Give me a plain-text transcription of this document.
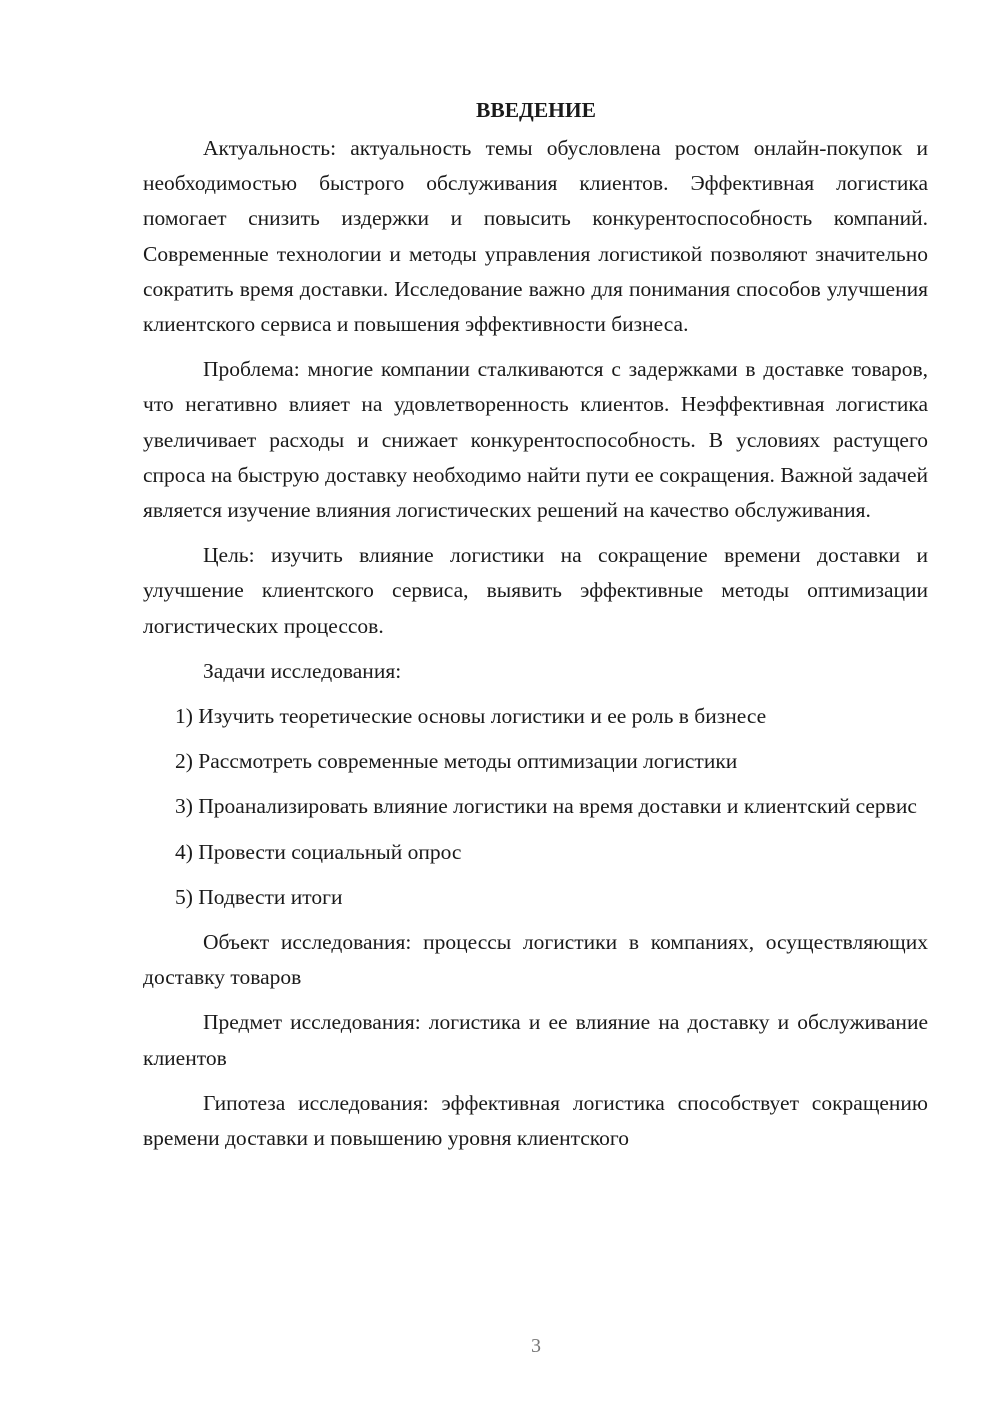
ВВЕДЕНИЕ

Актуальность: актуальность темы обусловлена ростом онлайн-покупок и необходимостью быстрого обслуживания клиентов. Эффективная логистика помогает снизить издержки и повысить конкурентоспособность компаний. Современные технологии и методы управления логистикой позволяют значительно сократить время доставки. Исследование важно для понимания способов улучшения клиентского сервиса и повышения эффективности бизнеса.

Проблема: многие компании сталкиваются с задержками в доставке товаров, что негативно влияет на удовлетворенность клиентов. Неэффективная логистика увеличивает расходы и снижает конкурентоспособность. В условиях растущего спроса на быструю доставку необходимо найти пути ее сокращения. Важной задачей является изучение влияния логистических решений на качество обслуживания.

Цель: изучить влияние логистики на сокращение времени доставки и улучшение клиентского сервиса, выявить эффективные методы оптимизации логистических процессов.

Задачи исследования:

1) Изучить теоретические основы логистики и ее роль в бизнесе

2) Рассмотреть современные методы оптимизации логистики

3) Проанализировать влияние логистики на время доставки и клиентский сервис

4) Провести социальный опрос

5) Подвести итоги

Объект исследования: процессы логистики в компаниях, осуществляющих доставку товаров

Предмет исследования: логистика и ее влияние на доставку и обслуживание клиентов

Гипотеза исследования: эффективная логистика способствует сокращению времени доставки и повышению уровня клиентского

3
